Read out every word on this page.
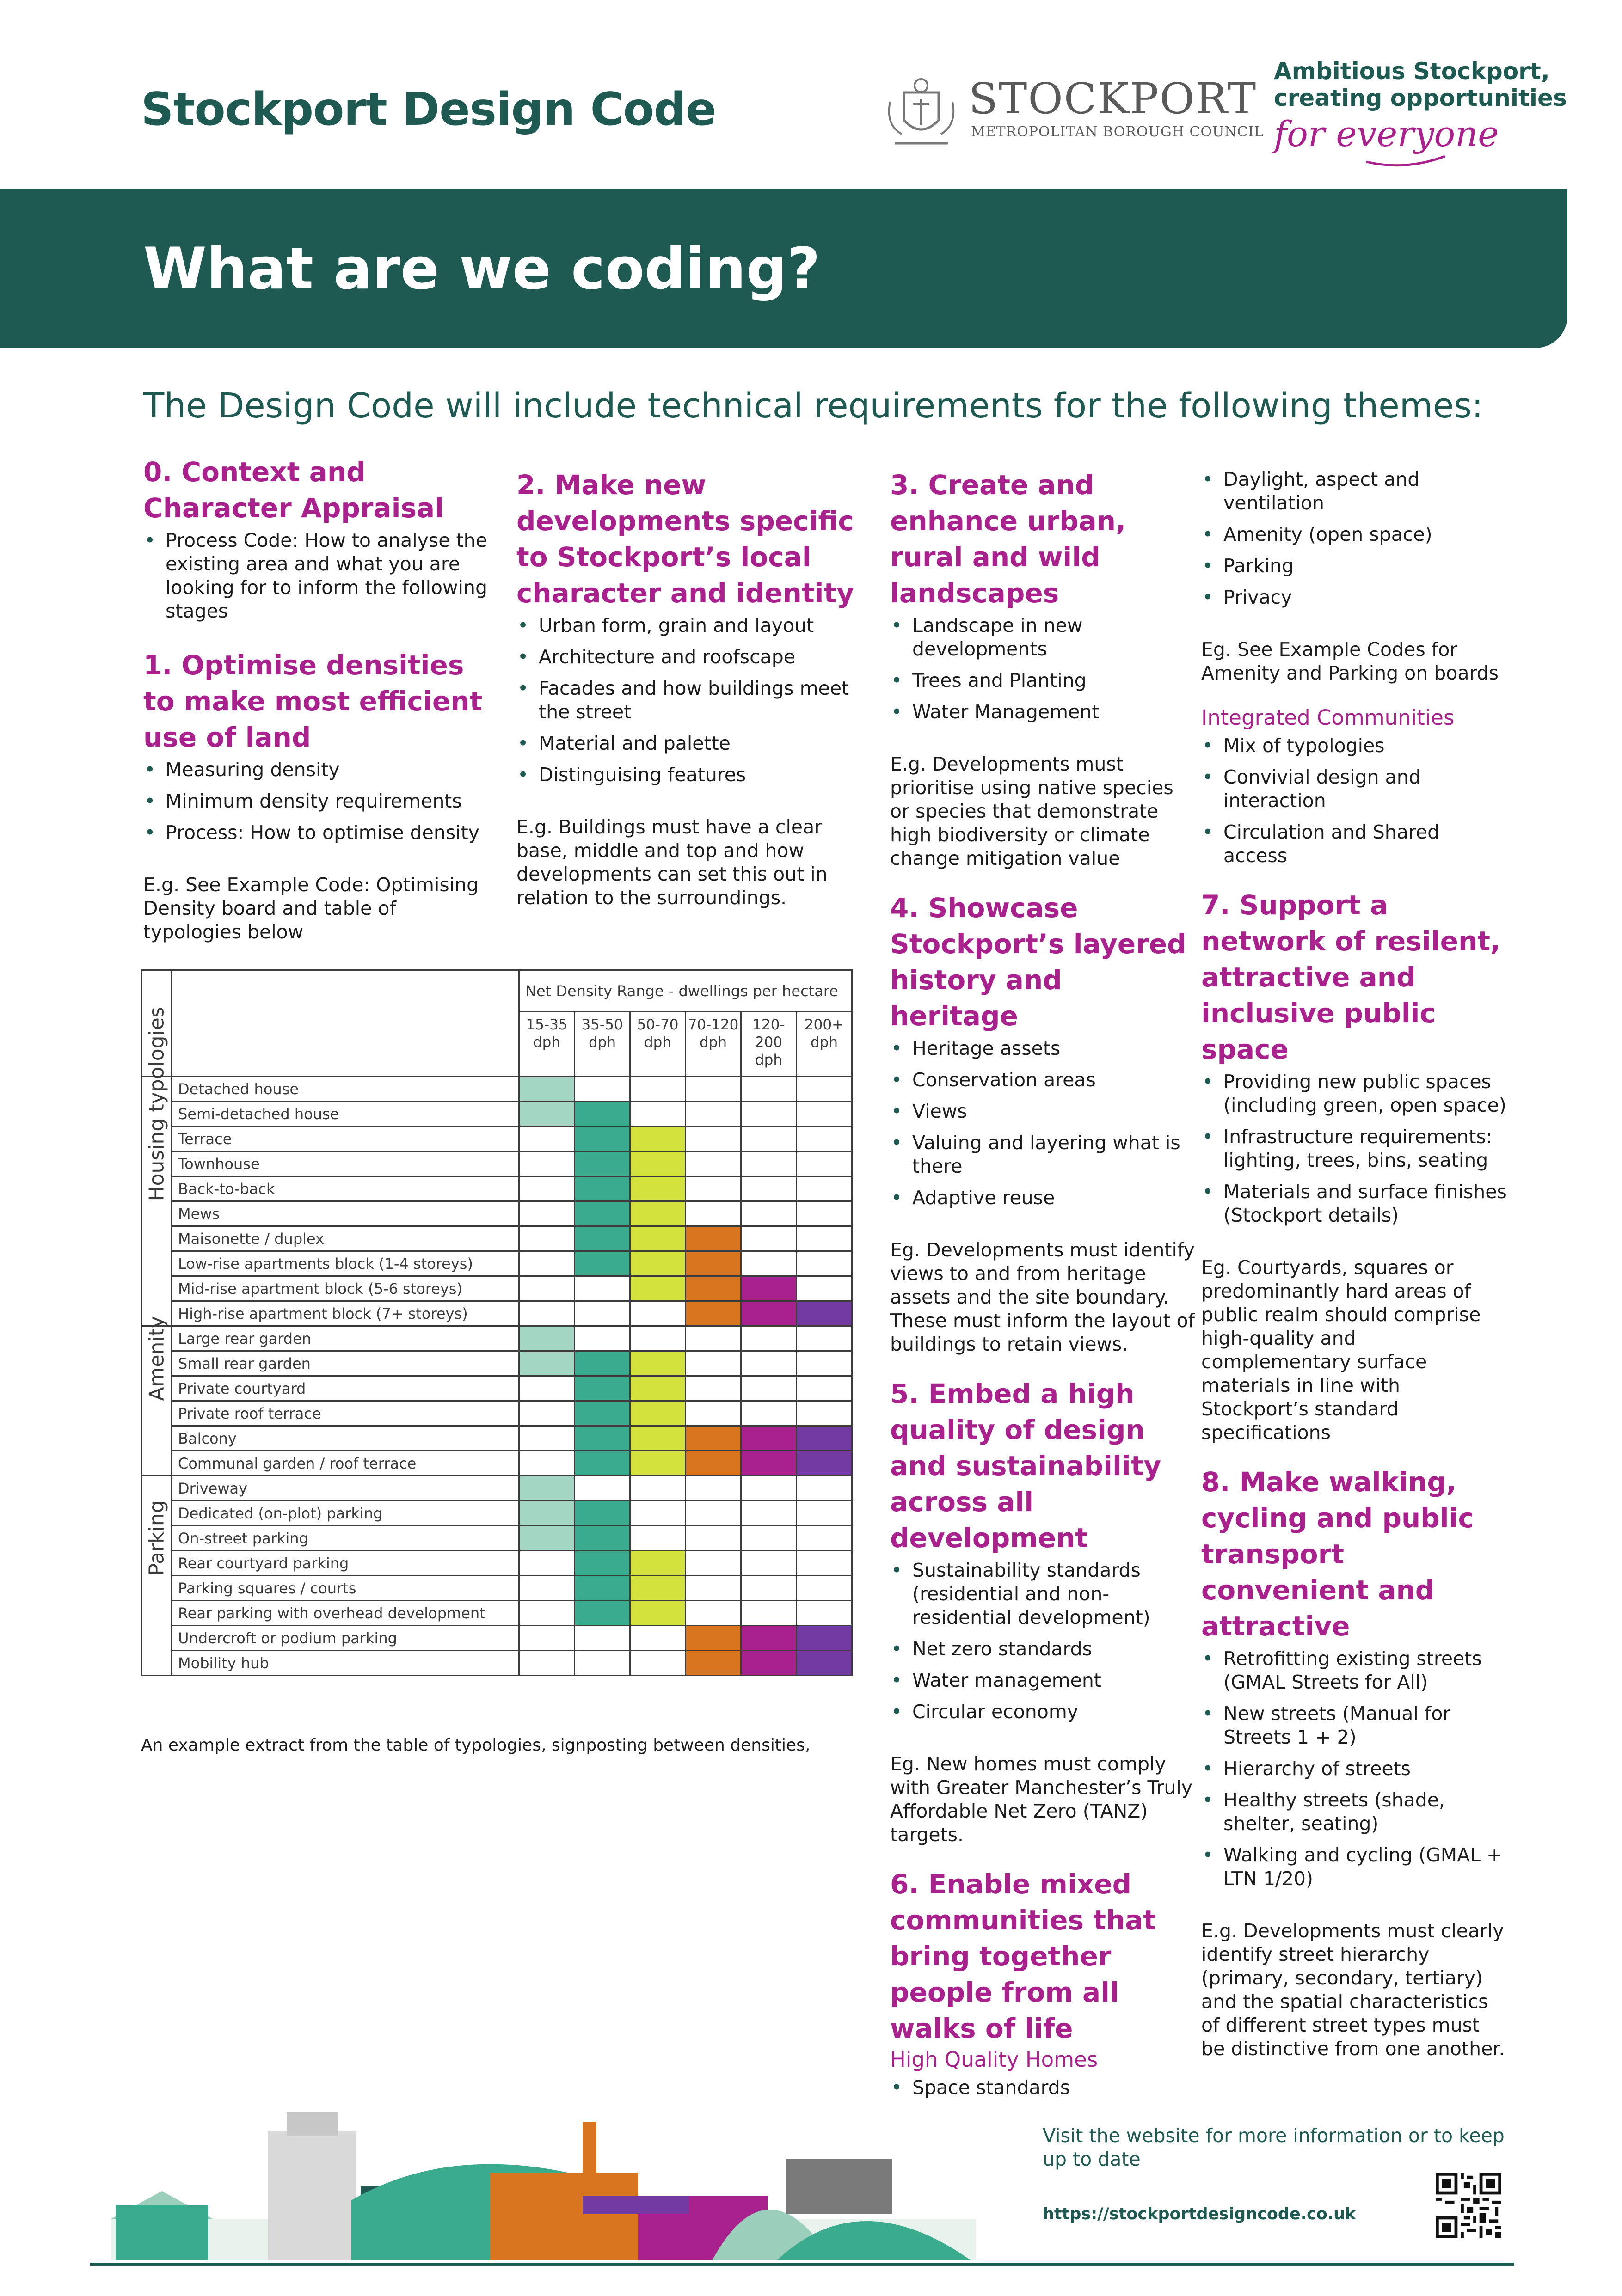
Stockport Design Code	STOCKPORT
METROPOLITAN BOROUGH COUNCIL
Ambitious Stockport,
creating opportunities
for everyone
What are we coding?
The Design Code will include technical requirements for the following themes:
0. Context and Character Appraisal
• Process Code: How to analyse the existing area and what you are looking for to inform the following stages
1. Optimise densities to make most efficient use of land
• Measuring density
• Minimum density requirements
• Process: How to optimise density

E.g. See Example Code: Optimising Density board and table of typologies below

2. Make new developments specific to Stockport’s local character and identity
• Urban form, grain and layout
• Architecture and roofscape
• Facades and how buildings meet the street
• Material and palette
• Distinguising features

E.g. Buildings must have a clear base, middle and top and how developments can set this out in relation to the surroundings.

3. Create and enhance urban, rural and wild landscapes
• Landscape in new developments
• Trees and Planting
• Water Management

E.g. Developments must prioritise using native species or species that demonstrate high biodiversity or climate change mitigation value

4. Showcase Stockport’s layered history and heritage
• Heritage assets
• Conservation areas
• Views
• Valuing and layering what is there
• Adaptive reuse

Eg. Developments must identify views to and from heritage assets and the site boundary. These must inform the layout of buildings to retain views.

5. Embed a high quality of design and sustainability across all development
• Sustainability standards (residential and non-residential development)
• Net zero standards
• Water management
• Circular economy

Eg. New homes must comply with Greater Manchester’s Truly Affordable Net Zero (TANZ) targets.

6. Enable mixed communities that bring together people from all walks of life
High Quality Homes
• Space standards
• Daylight, aspect and ventilation
• Amenity (open space)
• Parking
• Privacy

Eg. See Example Codes for Amenity and Parking on boards

Integrated Communities
• Mix of typologies
• Convivial design and interaction
• Circulation and Shared access
7. Support a network of resilent, attractive and inclusive public space
• Providing new public spaces (including green, open space)
• Infrastructure requirements: lighting, trees, bins, seating
• Materials and surface finishes (Stockport details)

Eg. Courtyards, squares or predominantly hard areas of public realm should comprise high-quality and complementary surface materials in line with Stockport’s standard specifications

8. Make walking, cycling and public transport convenient and attractive
• Retrofitting existing streets (GMAL Streets for All)
• New streets (Manual for Streets 1 + 2)
• Hierarchy of streets
• Healthy streets (shade, shelter, seating)
• Walking and cycling (GMAL + LTN 1/20)

E.g. Developments must clearly identify street hierarchy (primary, secondary, tertiary) and the spatial characteristics of different street types must be distinctive from one another.

		Net Density Range - dwellings per hectare					
		15-35 dph	35-50 dph	50-70 dph	70-120 dph	120-200 dph	200+ dph

Housing typologies	Detached house						
	Semi-detached house						
	Terrace						
	Townhouse						
	Back-to-back						
	Mews						
	Maisonette / duplex						
	Low-rise apartments block (1-4 storeys)						
	Mid-rise apartment block (5-6 storeys)						
	High-rise apartment block (7+ storeys)						

Amenity	Large rear garden						
	Small rear garden						
	Private courtyard						
	Private roof terrace						
	Balcony						
	Communal garden / roof terrace						

Parking	Driveway						
	Dedicated (on-plot) parking						
	On-street parking						
	Rear courtyard parking						
	Parking squares / courts						
	Rear parking with overhead development						
	Undercroft or podium parking						
	Mobility hub						
An example extract from the table of typologies, signposting between densities,
Visit the website for more information or to keep up to date
https://stockportdesigncode.co.uk
